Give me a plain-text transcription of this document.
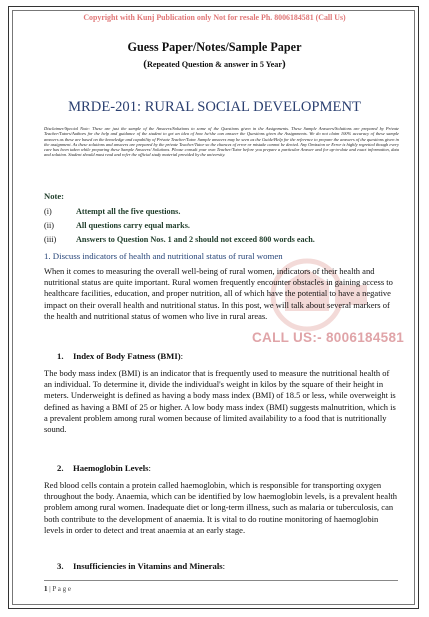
Copyright with Kunj Publication only Not for resale Ph. 8006184581 (Call Us)
Guess Paper/Notes/Sample Paper
(Repeated Question & answer in 5 Year)
MRDE-201: RURAL SOCIAL DEVELOPMENT
Disclaimer/Special Note: These are just the sample of the Answers/Solutions to some of the Questions given in the Assignments. These Sample Answers/Solutions are prepared by Private Teacher/Tutors/Authors for the help and guidance of the student to get an idea of how he/she can answer the Questions given the Assignments. We do not claim 100% accuracy of these sample answers as these are based on the knowledge and capability of Private Teacher/Tutor. Sample answers may be seen as the Guide/Help for the reference to prepare the answers of the questions given in the assignment. As these solutions and answers are prepared by the private Teacher/Tutor so the chances of error or mistake cannot be denied. Any Omission or Error is highly regretted though every care has been taken while preparing these Sample Answers/ Solutions. Please consult your own Teacher/Tutor before you prepare a particular Answer and for up-to-date and exact information, data and solution. Student should must read and refer the official study material provided by the university.
Note:
(i)	Attempt all the five questions.
(ii)	All questions carry equal marks.
(iii) Answers to Question Nos. 1 and 2 should not exceed 800 words each.
1. Discuss indicators of health and nutritional status of rural women
CALL US:- 8006184581
When it comes to measuring the overall well-being of rural women, indicators of their health and nutritional status are quite important. Rural women frequently encounter obstacles in gaining access to healthcare facilities, education, and proper nutrition, all of which have the potential to have a negative impact on their overall health and nutritional status. In this post, we will talk about several markers of the health and nutritional status of women who live in rural areas.
1. Index of Body Fatness (BMI):
The body mass index (BMI) is an indicator that is frequently used to measure the nutritional health of an individual. To determine it, divide the individual's weight in kilos by the square of their height in meters. Underweight is defined as having a body mass index (BMI) of 18.5 or less, while overweight is defined as having a BMI of 25 or higher. A low body mass index (BMI) suggests malnutrition, which is a prevalent problem among rural women because of limited availability to a food that is nutritionally sound.
2. Haemoglobin Levels:
Red blood cells contain a protein called haemoglobin, which is responsible for transporting oxygen throughout the body. Anaemia, which can be identified by low haemoglobin levels, is a prevalent health problem among rural women. Inadequate diet or long-term illness, such as malaria or tuberculosis, can both contribute to the development of anaemia. It is vital to do routine monitoring of haemoglobin levels in order to detect and treat anaemia at an early stage.
3. Insufficiencies in Vitamins and Minerals:
1 | P a g e
